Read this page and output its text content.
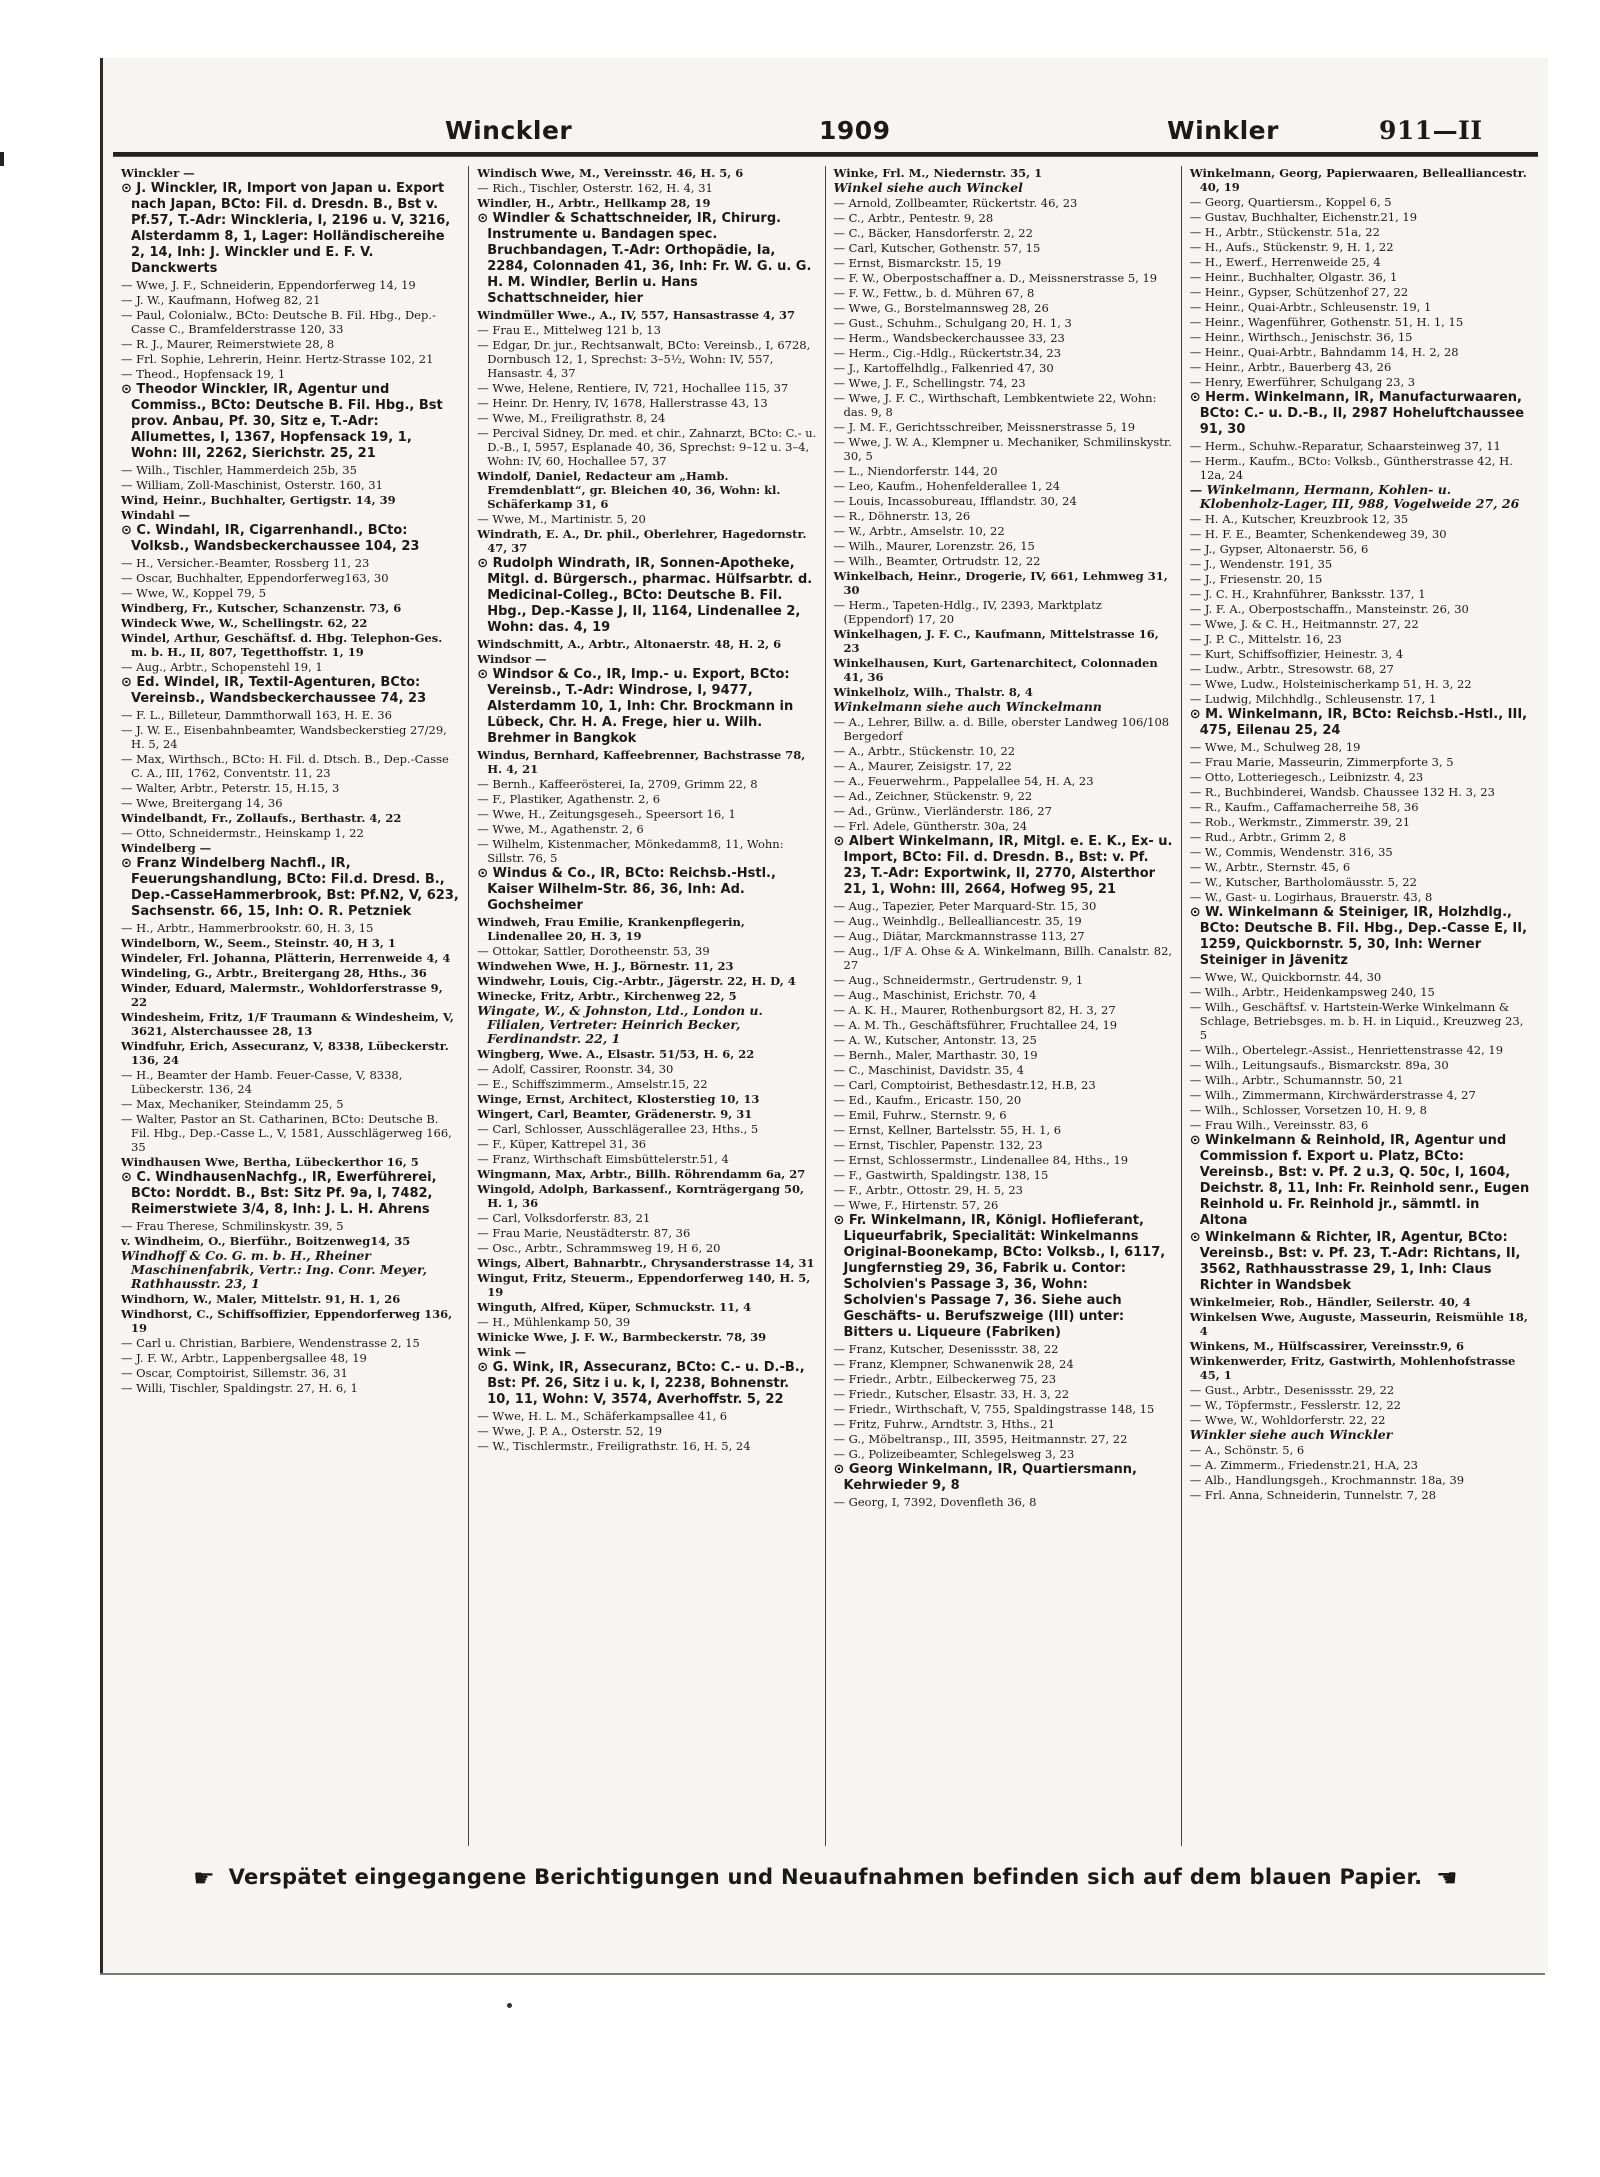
Winckler	1909	Winkler	911—II

Winckler —

⊙ J. Winckler, IR, Import von Japan u. Export nach Japan, BCto: Fil. d. Dresdn. B., Bst v. Pf.57, T.-Adr: Winckleria, I, 2196 u. V, 3216, Alsterdamm 8, 1, Lager: Holländischereihe 2, 14, Inh: J. Winckler und E. F. V. Danckwerts

— Wwe, J. F., Schneiderin, Eppendorferweg 14, 19

— J. W., Kaufmann, Hofweg 82, 21

— Paul, Colonialw., BCto: Deutsche B. Fil. Hbg., Dep.-Casse C., Bramfelderstrasse 120, 33

— R. J., Maurer, Reimerstwiete 28, 8

— Frl. Sophie, Lehrerin, Heinr. Hertz-Strasse 102, 21

— Theod., Hopfensack 19, 1

⊙ Theodor Winckler, IR, Agentur und Commiss., BCto: Deutsche B. Fil. Hbg., Bst prov. Anbau, Pf. 30, Sitz e, T.-Adr: Allumettes, I, 1367, Hopfensack 19, 1, Wohn: III, 2262, Sierichstr. 25, 21

— Wilh., Tischler, Hammerdeich 25b, 35

— William, Zoll-Maschinist, Osterstr. 160, 31

Wind, Heinr., Buchhalter, Gertigstr. 14, 39

Windahl —

⊙ C. Windahl, IR, Cigarrenhandl., BCto: Volksb., Wandsbeckerchaussee 104, 23

— H., Versicher.-Beamter, Rossberg 11, 23

— Oscar, Buchhalter, Eppendorferweg163, 30

— Wwe, W., Koppel 79, 5

Windberg, Fr., Kutscher, Schanzenstr. 73, 6

Windeck Wwe, W., Schellingstr. 62, 22

Windel, Arthur, Geschäftsf. d. Hbg. Telephon-Ges. m. b. H., II, 807, Tegetthoffstr. 1, 19

— Aug., Arbtr., Schopenstehl 19, 1

⊙ Ed. Windel, IR, Textil-Agenturen, BCto: Vereinsb., Wandsbeckerchaussee 74, 23

— F. L., Billeteur, Dammthorwall 163, H. E. 36

— J. W. E., Eisenbahnbeamter, Wandsbeckerstieg 27/29, H. 5, 24

— Max, Wirthsch., BCto: H. Fil. d. Dtsch. B., Dep.-Casse C. A., III, 1762, Conventstr. 11, 23

— Walter, Arbtr., Peterstr. 15, H.15, 3

— Wwe, Breitergang 14, 36

Windelbandt, Fr., Zollaufs., Berthastr. 4, 22

— Otto, Schneidermstr., Heinskamp 1, 22

Windelberg —

⊙ Franz Windelberg Nachfl., IR, Feuerungshandlung, BCto: Fil.d. Dresd. B., Dep.-CasseHammerbrook, Bst: Pf.N2, V, 623, Sachsenstr. 66, 15, Inh: O. R. Petzniek

— H., Arbtr., Hammerbrookstr. 60, H. 3, 15

Windelborn, W., Seem., Steinstr. 40, H 3, 1

Windeler, Frl. Johanna, Plätterin, Herrenweide 4, 4

Windeling, G., Arbtr., Breitergang 28, Hths., 36

Winder, Eduard, Malermstr., Wohldorferstrasse 9, 22

Windesheim, Fritz, 1/F Traumann & Windesheim, V, 3621, Alsterchaussee 28, 13

Windfuhr, Erich, Assecuranz, V, 8338, Lübeckerstr. 136, 24

— H., Beamter der Hamb. Feuer-Casse, V, 8338, Lübeckerstr. 136, 24

— Max, Mechaniker, Steindamm 25, 5

— Walter, Pastor an St. Catharinen, BCto: Deutsche B. Fil. Hbg., Dep.-Casse L., V, 1581, Ausschlägerweg 166, 35

Windhausen Wwe, Bertha, Lübeckerthor 16, 5

⊙ C. WindhausenNachfg., IR, Ewerführerei, BCto: Norddt. B., Bst: Sitz Pf. 9a, I, 7482, Reimerstwiete 3/4, 8, Inh: J. L. H. Ahrens

— Frau Therese, Schmilinskystr. 39, 5

v. Windheim, O., Bierführ., Boitzenweg14, 35

Windhoff & Co. G. m. b. H., Rheiner Maschinenfabrik, Vertr.: Ing. Conr. Meyer, Rathhausstr. 23, 1

Windhorn, W., Maler, Mittelstr. 91, H. 1, 26

Windhorst, C., Schiffsoffizier, Eppendorferweg 136, 19

— Carl u. Christian, Barbiere, Wendenstrasse 2, 15

— J. F. W., Arbtr., Lappenbergsallee 48, 19

— Oscar, Comptoirist, Sillemstr. 36, 31

— Willi, Tischler, Spaldingstr. 27, H. 6, 1

Windisch Wwe, M., Vereinsstr. 46, H. 5, 6

— Rich., Tischler, Osterstr. 162, H. 4, 31

Windler, H., Arbtr., Hellkamp 28, 19

⊙ Windler & Schattschneider, IR, Chirurg. Instrumente u. Bandagen spec. Bruchbandagen, T.-Adr: Orthopädie, Ia, 2284, Colonnaden 41, 36, Inh: Fr. W. G. u. G. H. M. Windler, Berlin u. Hans Schattschneider, hier

Windmüller Wwe., A., IV, 557, Hansastrasse 4, 37

— Frau E., Mittelweg 121 b, 13

— Edgar, Dr. jur., Rechtsanwalt, BCto: Vereinsb., I, 6728, Dornbusch 12, 1, Sprechst: 3–5½, Wohn: IV, 557, Hansastr. 4, 37

— Wwe, Helene, Rentiere, IV, 721, Hochallee 115, 37

— Heinr. Dr. Henry, IV, 1678, Hallerstrasse 43, 13

— Wwe, M., Freiligrathstr. 8, 24

— Percival Sidney, Dr. med. et chir., Zahnarzt, BCto: C.- u. D.-B., I, 5957, Esplanade 40, 36, Sprechst: 9–12 u. 3–4, Wohn: IV, 60, Hochallee 57, 37

Windolf, Daniel, Redacteur am „Hamb. Fremdenblatt“, gr. Bleichen 40, 36, Wohn: kl. Schäferkamp 31, 6

— Wwe, M., Martinistr. 5, 20

Windrath, E. A., Dr. phil., Oberlehrer, Hagedornstr. 47, 37

⊙ Rudolph Windrath, IR, Sonnen-Apotheke, Mitgl. d. Bürgersch., pharmac. Hülfsarbtr. d. Medicinal-Colleg., BCto: Deutsche B. Fil. Hbg., Dep.-Kasse J, II, 1164, Lindenallee 2, Wohn: das. 4, 19

Windschmitt, A., Arbtr., Altonaerstr. 48, H. 2, 6

Windsor —

⊙ Windsor & Co., IR, Imp.- u. Export, BCto: Vereinsb., T.-Adr: Windrose, I, 9477, Alsterdamm 10, 1, Inh: Chr. Brockmann in Lübeck, Chr. H. A. Frege, hier u. Wilh. Brehmer in Bangkok

Windus, Bernhard, Kaffeebrenner, Bachstrasse 78, H. 4, 21

— Bernh., Kaffeerösterei, Ia, 2709, Grimm 22, 8

— F., Plastiker, Agathenstr. 2, 6

— Wwe, H., Zeitungsgeseh., Speersort 16, 1

— Wwe, M., Agathenstr. 2, 6

— Wilhelm, Kistenmacher, Mönkedamm8, 11, Wohn: Sillstr. 76, 5

⊙ Windus & Co., IR, BCto: Reichsb.-Hstl., Kaiser Wilhelm-Str. 86, 36, Inh: Ad. Gochsheimer

Windweh, Frau Emilie, Krankenpflegerin, Lindenallee 20, H. 3, 19

— Ottokar, Sattler, Dorotheenstr. 53, 39

Windwehen Wwe, H. J., Börnestr. 11, 23

Windwehr, Louis, Cig.-Arbtr., Jägerstr. 22, H. D, 4

Winecke, Fritz, Arbtr., Kirchenweg 22, 5

Wingate, W., & Johnston, Ltd., London u. Filialen, Vertreter: Heinrich Becker, Ferdinandstr. 22, 1

Wingberg, Wwe. A., Elsastr. 51/53, H. 6, 22

— Adolf, Cassirer, Roonstr. 34, 30

— E., Schiffszimmerm., Amselstr.15, 22

Winge, Ernst, Architect, Klosterstieg 10, 13

Wingert, Carl, Beamter, Grädenerstr. 9, 31

— Carl, Schlosser, Ausschlägerallee 23, Hths., 5

— F., Küper, Kattrepel 31, 36

— Franz, Wirthschaft Eimsbüttelerstr.51, 4

Wingmann, Max, Arbtr., Billh. Röhrendamm 6a, 27

Wingold, Adolph, Barkassenf., Kornträgergang 50, H. 1, 36

— Carl, Volksdorferstr. 83, 21

— Frau Marie, Neustädterstr. 87, 36

— Osc., Arbtr., Schrammsweg 19, H 6, 20

Wings, Albert, Bahnarbtr., Chrysanderstrasse 14, 31

Wingut, Fritz, Steuerm., Eppendorferweg 140, H. 5, 19

Winguth, Alfred, Küper, Schmuckstr. 11, 4

— H., Mühlenkamp 50, 39

Winicke Wwe, J. F. W., Barmbeckerstr. 78, 39

Wink —

⊙ G. Wink, IR, Assecuranz, BCto: C.- u. D.-B., Bst: Pf. 26, Sitz i u. k, I, 2238, Bohnenstr. 10, 11, Wohn: V, 3574, Averhoffstr. 5, 22

— Wwe, H. L. M., Schäferkampsallee 41, 6

— Wwe, J. P. A., Osterstr. 52, 19

— W., Tischlermstr., Freiligrathstr. 16, H. 5, 24

Winke, Frl. M., Niedernstr. 35, 1

Winkel siehe auch Winckel

— Arnold, Zollbeamter, Rückertstr. 46, 23

— C., Arbtr., Pentestr. 9, 28

— C., Bäcker, Hansdorferstr. 2, 22

— Carl, Kutscher, Gothenstr. 57, 15

— Ernst, Bismarckstr. 15, 19

— F. W., Oberpostschaffner a. D., Meissnerstrasse 5, 19

— F. W., Fettw., b. d. Mühren 67, 8

— Wwe, G., Borstelmannsweg 28, 26

— Gust., Schuhm., Schulgang 20, H. 1, 3

— Herm., Wandsbeckerchaussee 33, 23

— Herm., Cig.-Hdlg., Rückertstr.34, 23

— J., Kartoffelhdlg., Falkenried 47, 30

— Wwe, J. F., Schellingstr. 74, 23

— Wwe, J. F. C., Wirthschaft, Lembkentwiete 22, Wohn: das. 9, 8

— J. M. F., Gerichtsschreiber, Meissnerstrasse 5, 19

— Wwe, J. W. A., Klempner u. Mechaniker, Schmilinskystr. 30, 5

— L., Niendorferstr. 144, 20

— Leo, Kaufm., Hohenfelderallee 1, 24

— Louis, Incassobureau, Ifflandstr. 30, 24

— R., Döhnerstr. 13, 26

— W., Arbtr., Amselstr. 10, 22

— Wilh., Maurer, Lorenzstr. 26, 15

— Wilh., Beamter, Ortrudstr. 12, 22

Winkelbach, Heinr., Drogerie, IV, 661, Lehmweg 31, 30

— Herm., Tapeten-Hdlg., IV, 2393, Marktplatz (Eppendorf) 17, 20

Winkelhagen, J. F. C., Kaufmann, Mittelstrasse 16, 23

Winkelhausen, Kurt, Gartenarchitect, Colonnaden 41, 36

Winkelholz, Wilh., Thalstr. 8, 4

Winkelmann siehe auch Winckelmann

— A., Lehrer, Billw. a. d. Bille, oberster Landweg 106/108 Bergedorf

— A., Arbtr., Stückenstr. 10, 22

— A., Maurer, Zeisigstr. 17, 22

— A., Feuerwehrm., Pappelallee 54, H. A, 23

— Ad., Zeichner, Stückenstr. 9, 22

— Ad., Grünw., Vierländerstr. 186, 27

— Frl. Adele, Güntherstr. 30a, 24

⊙ Albert Winkelmann, IR, Mitgl. e. E. K., Ex- u. Import, BCto: Fil. d. Dresdn. B., Bst: v. Pf. 23, T.-Adr: Exportwink, II, 2770, Alsterthor 21, 1, Wohn: III, 2664, Hofweg 95, 21

— Aug., Tapezier, Peter Marquard-Str. 15, 30

— Aug., Weinhdlg., Bellealliancestr. 35, 19

— Aug., Diätar, Marckmannstrasse 113, 27

— Aug., 1/F A. Ohse & A. Winkelmann, Billh. Canalstr. 82, 27

— Aug., Schneidermstr., Gertrudenstr. 9, 1

— Aug., Maschinist, Erichstr. 70, 4

— A. K. H., Maurer, Rothenburgsort 82, H. 3, 27

— A. M. Th., Geschäftsführer, Fruchtallee 24, 19

— A. W., Kutscher, Antonstr. 13, 25

— Bernh., Maler, Marthastr. 30, 19

— C., Maschinist, Davidstr. 35, 4

— Carl, Comptoirist, Bethesdastr.12, H.B, 23

— Ed., Kaufm., Ericastr. 150, 20

— Emil, Fuhrw., Sternstr. 9, 6

— Ernst, Kellner, Bartelsstr. 55, H. 1, 6

— Ernst, Tischler, Papenstr. 132, 23

— Ernst, Schlossermstr., Lindenallee 84, Hths., 19

— F., Gastwirth, Spaldingstr. 138, 15

— F., Arbtr., Ottostr. 29, H. 5, 23

— Wwe, F., Hirtenstr. 57, 26

⊙ Fr. Winkelmann, IR, Königl. Hoflieferant, Liqueurfabrik, Specialität: Winkelmanns Original-Boonekamp, BCto: Volksb., I, 6117, Jungfernstieg 29, 36, Fabrik u. Contor: Scholvien's Passage 3, 36, Wohn: Scholvien's Passage 7, 36. Siehe auch Geschäfts- u. Berufszweige (III) unter: Bitters u. Liqueure (Fabriken)

— Franz, Kutscher, Desenissstr. 38, 22

— Franz, Klempner, Schwanenwik 28, 24

— Friedr., Arbtr., Eilbeckerweg 75, 23

— Friedr., Kutscher, Elsastr. 33, H. 3, 22

— Friedr., Wirthschaft, V, 755, Spaldingstrasse 148, 15

— Fritz, Fuhrw., Arndtstr. 3, Hths., 21

— G., Möbeltransp., III, 3595, Heitmannstr. 27, 22

— G., Polizeibeamter, Schlegelsweg 3, 23

⊙ Georg Winkelmann, IR, Quartiersmann, Kehrwieder 9, 8

— Georg, I, 7392, Dovenfleth 36, 8

Winkelmann, Georg, Papierwaaren, Bellealliancestr. 40, 19

— Georg, Quartiersm., Koppel 6, 5

— Gustav, Buchhalter, Eichenstr.21, 19

— H., Arbtr., Stückenstr. 51a, 22

— H., Aufs., Stückenstr. 9, H. 1, 22

— H., Ewerf., Herrenweide 25, 4

— Heinr., Buchhalter, Olgastr. 36, 1

— Heinr., Gypser, Schützenhof 27, 22

— Heinr., Quai-Arbtr., Schleusenstr. 19, 1

— Heinr., Wagenführer, Gothenstr. 51, H. 1, 15

— Heinr., Wirthsch., Jenischstr. 36, 15

— Heinr., Quai-Arbtr., Bahndamm 14, H. 2, 28

— Heinr., Arbtr., Bauerberg 43, 26

— Henry, Ewerführer, Schulgang 23, 3

⊙ Herm. Winkelmann, IR, Manufacturwaaren, BCto: C.- u. D.-B., II, 2987 Hoheluftchaussee 91, 30

— Herm., Schuhw.-Reparatur, Schaarsteinweg 37, 11

— Herm., Kaufm., BCto: Volksb., Güntherstrasse 42, H. 12a, 24

— Winkelmann, Hermann, Kohlen- u. Klobenholz-Lager, III, 988, Vogelweide 27, 26

— H. A., Kutscher, Kreuzbrook 12, 35

— H. F. E., Beamter, Schenkendeweg 39, 30

— J., Gypser, Altonaerstr. 56, 6

— J., Wendenstr. 191, 35

— J., Friesenstr. 20, 15

— J. C. H., Krahnführer, Banksstr. 137, 1

— J. F. A., Oberpostschaffn., Mansteinstr. 26, 30

— Wwe, J. & C. H., Heitmannstr. 27, 22

— J. P. C., Mittelstr. 16, 23

— Kurt, Schiffsoffizier, Heinestr. 3, 4

— Ludw., Arbtr., Stresowstr. 68, 27

— Wwe, Ludw., Holsteinischerkamp 51, H. 3, 22

— Ludwig, Milchhdlg., Schleusenstr. 17, 1

⊙ M. Winkelmann, IR, BCto: Reichsb.-Hstl., III, 475, Eilenau 25, 24

— Wwe, M., Schulweg 28, 19

— Frau Marie, Masseurin, Zimmerpforte 3, 5

— Otto, Lotteriegesch., Leibnizstr. 4, 23

— R., Buchbinderei, Wandsb. Chaussee 132 H. 3, 23

— R., Kaufm., Caffamacherreihe 58, 36

— Rob., Werkmstr., Zimmerstr. 39, 21

— Rud., Arbtr., Grimm 2, 8

— W., Commis, Wendenstr. 316, 35

— W., Arbtr., Sternstr. 45, 6

— W., Kutscher, Bartholomäusstr. 5, 22

— W., Gast- u. Logirhaus, Brauerstr. 43, 8

⊙ W. Winkelmann & Steiniger, IR, Holzhdlg., BCto: Deutsche B. Fil. Hbg., Dep.-Casse E, II, 1259, Quickbornstr. 5, 30, Inh: Werner Steiniger in Jävenitz

— Wwe, W., Quickbornstr. 44, 30

— Wilh., Arbtr., Heidenkampsweg 240, 15

— Wilh., Geschäftsf. v. Hartstein-Werke Winkelmann & Schlage, Betriebsges. m. b. H. in Liquid., Kreuzweg 23, 5

— Wilh., Obertelegr.-Assist., Henriettenstrasse 42, 19

— Wilh., Leitungsaufs., Bismarckstr. 89a, 30

— Wilh., Arbtr., Schumannstr. 50, 21

— Wilh., Zimmermann, Kirchwärderstrasse 4, 27

— Wilh., Schlosser, Vorsetzen 10, H. 9, 8

— Frau Wilh., Vereinsstr. 83, 6

⊙ Winkelmann & Reinhold, IR, Agentur und Commission f. Export u. Platz, BCto: Vereinsb., Bst: v. Pf. 2 u.3, Q. 50c, I, 1604, Deichstr. 8, 11, Inh: Fr. Reinhold senr., Eugen Reinhold u. Fr. Reinhold jr., sämmtl. in Altona

⊙ Winkelmann & Richter, IR, Agentur, BCto: Vereinsb., Bst: v. Pf. 23, T.-Adr: Richtans, II, 3562, Rathhausstrasse 29, 1, Inh: Claus Richter in Wandsbek

Winkelmeier, Rob., Händler, Seilerstr. 40, 4

Winkelsen Wwe, Auguste, Masseurin, Reismühle 18, 4

Winkens, M., Hülfscassirer, Vereinsstr.9, 6

Winkenwerder, Fritz, Gastwirth, Mohlenhofstrasse 45, 1

— Gust., Arbtr., Desenissstr. 29, 22

— W., Töpfermstr., Fesslerstr. 12, 22

— Wwe, W., Wohldorferstr. 22, 22

Winkler siehe auch Winckler

— A., Schönstr. 5, 6

— A. Zimmerm., Friedenstr.21, H.A, 23

— Alb., Handlungsgeh., Krochmannstr. 18a, 39

— Frl. Anna, Schneiderin, Tunnelstr. 7, 28

☛ Verspätet eingegangene Berichtigungen und Neuaufnahmen befinden sich auf dem blauen Papier. ☚
